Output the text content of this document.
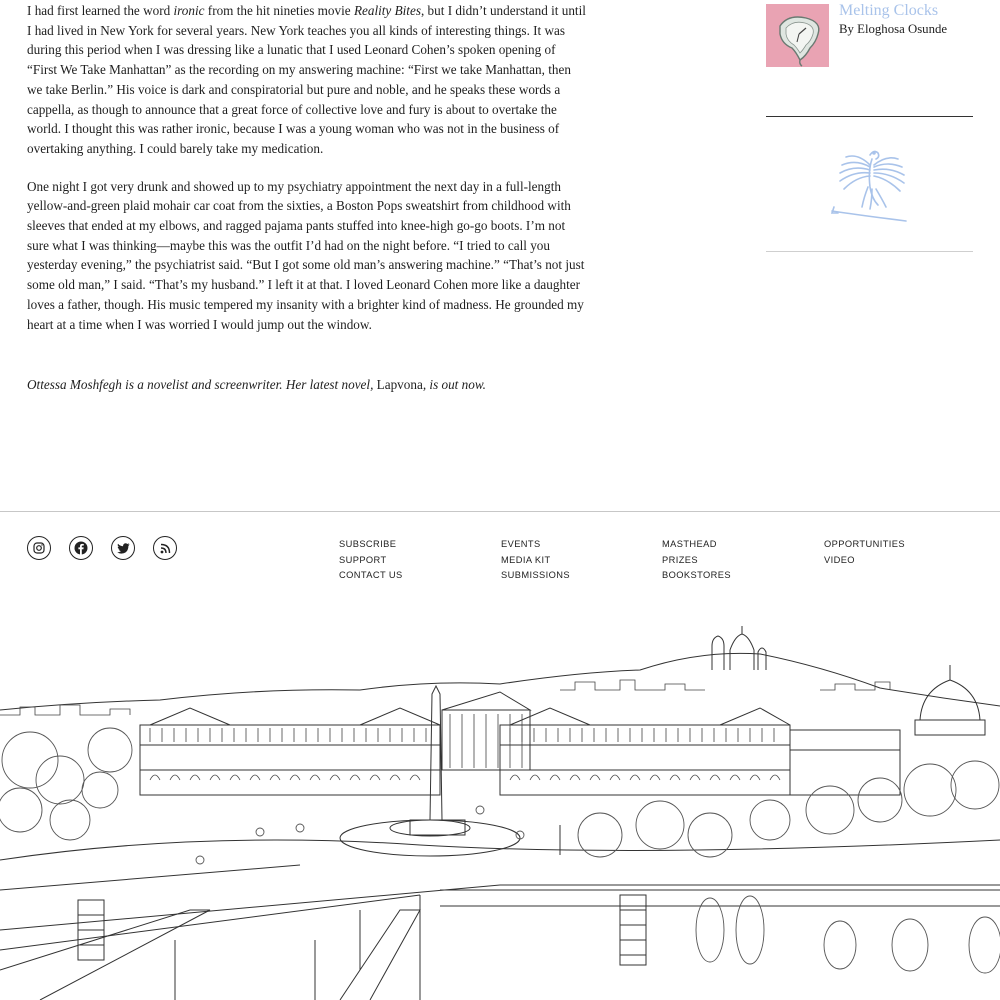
I had first learned the word ironic from the hit nineties movie Reality Bites, but I didn’t understand it until I had lived in New York for several years. New York teaches you all kinds of interesting things. It was during this period when I was dressing like a lunatic that I used Leonard Cohen’s spoken opening of “First We Take Manhattan” as the recording on my answering machine: “First we take Manhattan, then we take Berlin.” His voice is dark and conspiratorial but pure and noble, and he speaks these words a cappella, as though to announce that a great force of collective love and fury is about to overtake the world. I thought this was rather ironic, because I was a young woman who was not in the business of overtaking anything. I could barely take my medication.

One night I got very drunk and showed up to my psychiatry appointment the next day in a full-length yellow-and-green plaid mohair car coat from the sixties, a Boston Pops sweatshirt from childhood with sleeves that ended at my elbows, and ragged pajama pants stuffed into knee-high go-go boots. I’m not sure what I was thinking—maybe this was the outfit I’d had on the night before. “I tried to call you yesterday evening,” the psychiatrist said. “But I got some old man’s answering machine.” “That’s not just some old man,” I said. “That’s my husband.” I left it at that. I loved Leonard Cohen more like a daughter loves a father, though. His music tempered my insanity with a brighter kind of madness. He grounded my heart at a time when I was worried I would jump out the window.

Ottessa Moshfegh is a novelist and screenwriter. Her latest novel, Lapvona, is out now.

Melting Clocks
By Eloghosa Osunde
SUBSCRIBE
SUPPORT
CONTACT US
EVENTS
MEDIA KIT
SUBMISSIONS
MASTHEAD
PRIZES
BOOKSTORES
OPPORTUNITIES
VIDEO
